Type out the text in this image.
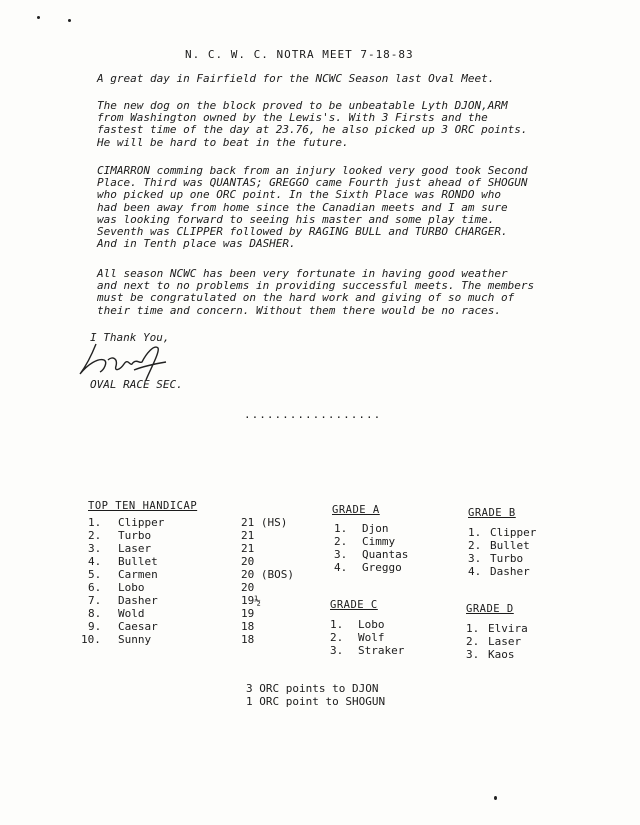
N. C. W. C. NOTRA MEET 7-18-83
A great day in Fairfield for the NCWC Season last Oval Meet.
The new dog on the block proved to be unbeatable Lyth DJON,ARM
from Washington owned by the Lewis's. With 3 Firsts and the
fastest time of the day at 23.76, he also picked up 3 ORC points.
He will be hard to beat in the future.
CIMARRON comming back from an injury looked very good took Second
Place. Third was QUANTAS; GREGGO came Fourth just ahead of SHOGUN
who picked up one ORC point. In the Sixth Place was RONDO who
had been away from home since the Canadian meets and I am sure
was looking forward to seeing his master and some play time.
Seventh was CLIPPER followed by RAGING BULL and TURBO CHARGER.
And in Tenth place was DASHER.
All season NCWC has been very fortunate in having good weather
and next to no problems in providing successful meets. The members
must be congratulated on the hard work and giving of so much of
their time and concern. Without them there would be no races.
I Thank You,
OVAL RACE SEC.
..................
TOP TEN HANDICAP
1. Clipper	21 (HS)
2. Turbo	21
3. Laser	21
4. Bullet	20
5. Carmen	20 (BOS)
6. Lobo	20
7. Dasher	19½
8. Wold	19
9. Caesar	18
10. Sunny	18
GRADE A
1. Djon
2. Cimmy
3. Quantas
4. Greggo
GRADE B
1. Clipper
2. Bullet
3. Turbo
4. Dasher
GRADE C
1. Lobo
2. Wolf
3. Straker
GRADE D
1. Elvira
2. Laser
3. Kaos
3 ORC points to DJON
1 ORC point to SHOGUN
